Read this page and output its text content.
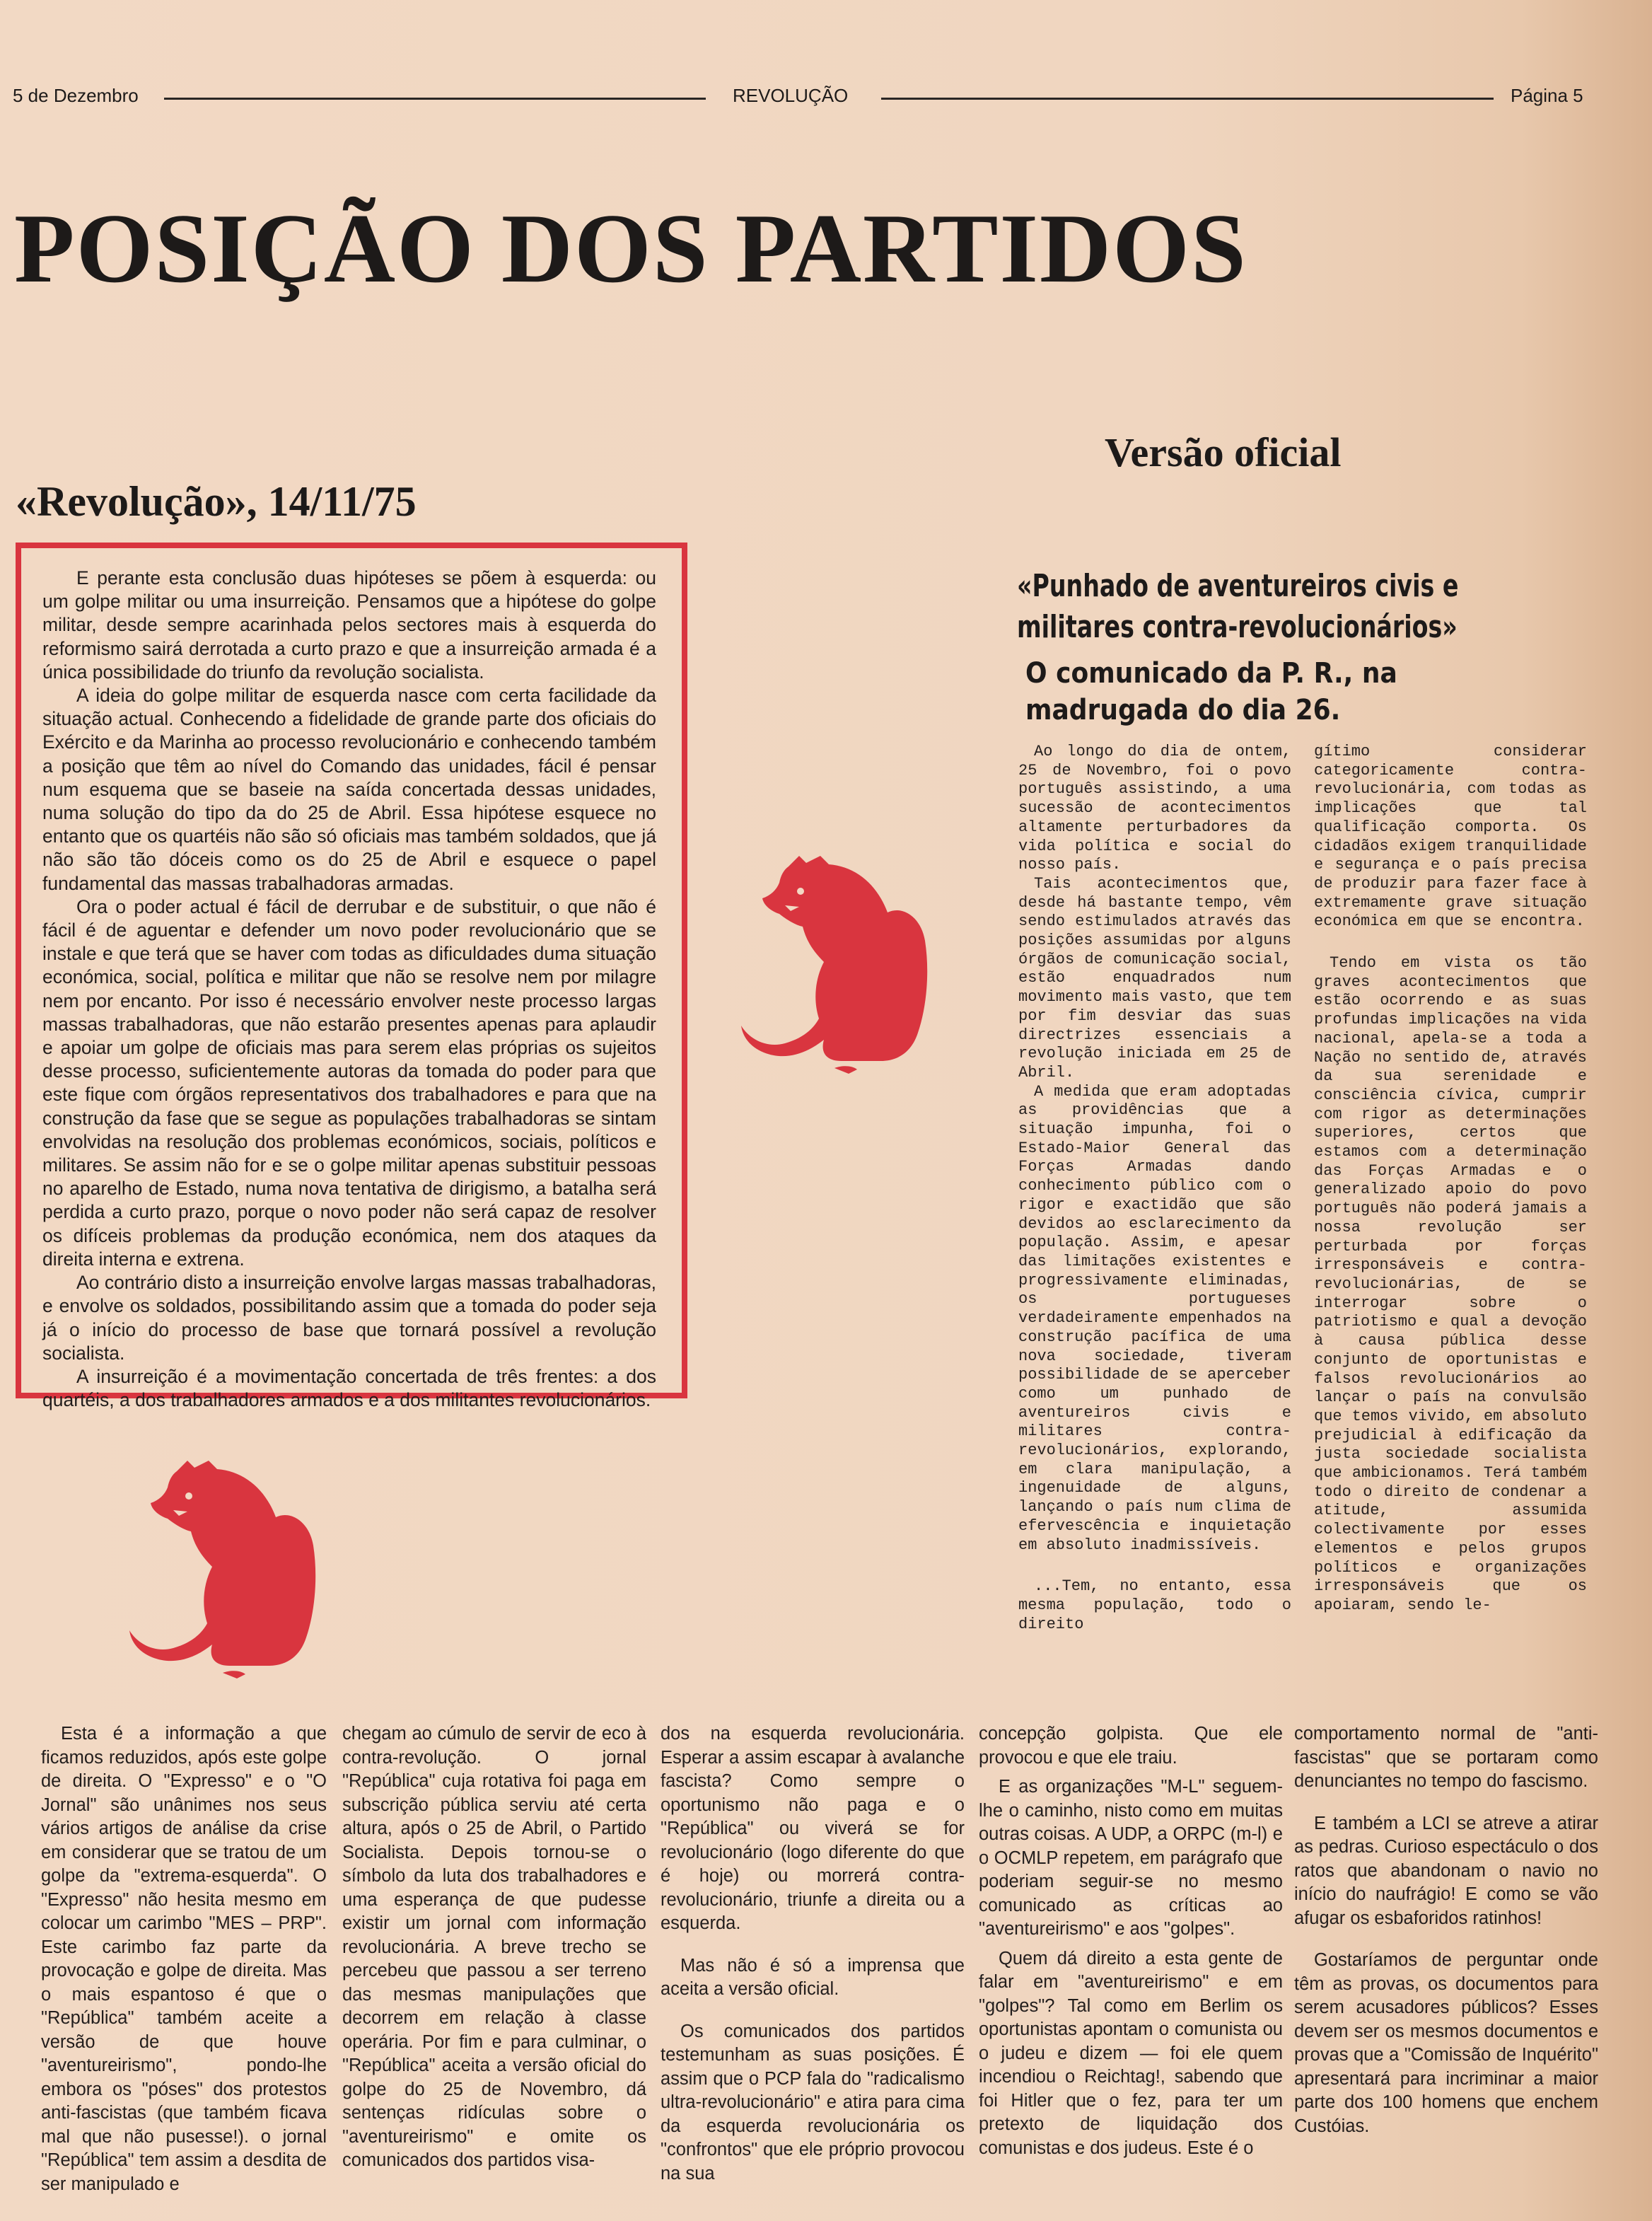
5 de Dezembro	REVOLUÇÃO	Página 5
POSIÇÃO DOS PARTIDOS
Versão oficial
«Revolução», 14/11/75

E perante esta conclusão duas hipóteses se põem à esquerda: ou um golpe militar ou uma insurreição. Pensamos que a hipótese do golpe militar, desde sempre acarinhada pelos sectores mais à esquerda do reformismo sairá derrotada a curto prazo e que a insurreição armada é a única possibilidade do triunfo da revolução socialista.

A ideia do golpe militar de esquerda nasce com certa facilidade da situação actual. Conhecendo a fidelidade de grande parte dos oficiais do Exército e da Marinha ao processo revolucionário e conhecendo também a posição que têm ao nível do Comando das unidades, fácil é pensar num esquema que se baseie na saída concertada dessas unidades, numa solução do tipo da do 25 de Abril. Essa hipótese esquece no entanto que os quartéis não são só oficiais mas também soldados, que já não são tão dóceis como os do 25 de Abril e esquece o papel fundamental das massas trabalhadoras armadas.

Ora o poder actual é fácil de derrubar e de substituir, o que não é fácil é de aguentar e defender um novo poder revolucionário que se instale e que terá que se haver com todas as dificuldades duma situação económica, social, política e militar que não se resolve nem por milagre nem por encanto. Por isso é necessário envolver neste processo largas massas trabalhadoras, que não estarão presentes apenas para aplaudir e apoiar um golpe de oficiais mas para serem elas próprias os sujeitos desse processo, suficientemente autoras da tomada do poder para que este fique com órgãos representativos dos trabalhadores e para que na construção da fase que se segue as populações trabalhadoras se sintam envolvidas na resolução dos problemas económicos, sociais, políticos e militares. Se assim não for e se o golpe militar apenas substituir pessoas no aparelho de Estado, numa nova tentativa de dirigismo, a batalha será perdida a curto prazo, porque o novo poder não será capaz de resolver os difíceis problemas da produção económica, nem dos ataques da direita interna e extrena.

Ao contrário disto a insurreição envolve largas massas trabalhadoras, e envolve os soldados, possibilitando assim que a tomada do poder seja já o início do processo de base que tornará possível a revolução socialista.

A insurreição é a movimentação concertada de três frentes: a dos quartéis, a dos trabalhadores armados e a dos militantes revolucionários.

«Punhado de aventureiros civis e militares contra-revolucionários»
O comunicado da P. R., na madrugada do dia 26.

Ao longo do dia de ontem, 25 de Novembro, foi o povo português assistindo, a uma sucessão de acontecimentos altamente perturbadores da vida política e social do nosso país.

Tais acontecimentos que, desde há bastante tempo, vêm sendo estimulados através das posições assumidas por alguns órgãos de comunicação social, estão enquadrados num movimento mais vasto, que tem por fim desviar das suas directrizes essenciais a revolução iniciada em 25 de Abril.

A medida que eram adoptadas as providências que a situação impunha, foi o Estado-Maior General das Forças Armadas dando conhecimento público com o rigor e exactidão que são devidos ao esclarecimento da população. Assim, e apesar das limitações existentes e progressivamente eliminadas, os portugueses verdadeiramente empenhados na construção pacífica de uma nova sociedade, tiveram possibilidade de se aperceber como um punhado de aventureiros civis e militares contra-revolucionários, explorando, em clara manipulação, a ingenuidade de alguns, lançando o país num clima de efervescência e inquietação em absoluto inadmissíveis.

...Tem, no entanto, essa mesma população, todo o direito

gítimo considerar categoricamente contra-revolucionária, com todas as implicações que tal qualificação comporta. Os cidadãos exigem tranquilidade e segurança e o país precisa de produzir para fazer face à extremamente grave situação económica em que se encontra.

Tendo em vista os tão graves acontecimentos que estão ocorrendo e as suas profundas implicações na vida nacional, apela-se a toda a Nação no sentido de, através da sua serenidade e consciência cívica, cumprir com rigor as determinações superiores, certos que estamos com a determinação das Forças Armadas e o generalizado apoio do povo português não poderá jamais a nossa revolução ser perturbada por forças irresponsáveis e contra-revolucionárias, de se interrogar sobre o patriotismo e qual a devoção à causa pública desse conjunto de oportunistas e falsos revolucionários ao lançar o país na convulsão que temos vivido, em absoluto prejudicial à edificação da justa sociedade socialista que ambicionamos. Terá também todo o direito de condenar a atitude, assumida colectivamente por esses elementos e pelos grupos políticos e organizações irresponsáveis que os apoiaram, sendo le-

Esta é a informação a que ficamos reduzidos, após este golpe de direita. O "Expresso" e o "O Jornal" são unânimes nos seus vários artigos de análise da crise em considerar que se tratou de um golpe da "extrema-esquerda". O "Expresso" não hesita mesmo em colocar um carimbo "MES – PRP". Este carimbo faz parte da provocação e golpe de direita. Mas o mais espantoso é que o "República" também aceite a versão de que houve "aventureirismo", pondo-lhe embora os "póses" dos protestos anti-fascistas (que também ficava mal que não pusesse!). o jornal "República" tem assim a desdita de ser manipulado e

chegam ao cúmulo de servir de eco à contra-revolução. O jornal "República" cuja rotativa foi paga em subscrição pública serviu até certa altura, após o 25 de Abril, o Partido Socialista. Depois tornou-se o símbolo da luta dos trabalhadores e uma esperança de que pudesse existir um jornal com informação revolucionária. A breve trecho se percebeu que passou a ser terreno das mesmas manipulações que decorrem em relação à classe operária. Por fim e para culminar, o "República" aceita a versão oficial do golpe do 25 de Novembro, dá sentenças ridículas sobre o "aventureirismo" e omite os comunicados dos partidos visa-

dos na esquerda revolucionária. Esperar a assim escapar à avalanche fascista? Como sempre o oportunismo não paga e o "República" ou viverá se for revolucionário (logo diferente do que é hoje) ou morrerá contra-revolucionário, triunfe a direita ou a esquerda.

Mas não é só a imprensa que aceita a versão oficial.

Os comunicados dos partidos testemunham as suas posições. É assim que o PCP fala do "radicalismo ultra-revolucionário" e atira para cima da esquerda revolucionária os "confrontos" que ele próprio provocou na sua

concepção golpista. Que ele provocou e que ele traiu.

E as organizações "M-L" seguem-lhe o caminho, nisto como em muitas outras coisas. A UDP, a ORPC (m-l) e o OCMLP repetem, em parágrafo que poderiam seguir-se no mesmo comunicado as críticas ao "aventureirismo" e aos "golpes".

Quem dá direito a esta gente de falar em "aventureirismo" e em "golpes"? Tal como em Berlim os oportunistas apontam o comunista ou o judeu e dizem — foi ele quem incendiou o Reichtag!, sabendo que foi Hitler que o fez, para ter um pretexto de liquidação dos comunistas e dos judeus. Este é o

comportamento normal de "anti-fascistas" que se portaram como denunciantes no tempo do fascismo.

E também a LCI se atreve a atirar as pedras. Curioso espectáculo o dos ratos que abandonam o navio no início do naufrágio! E como se vão afugar os esbaforidos ratinhos!

Gostaríamos de perguntar onde têm as provas, os documentos para serem acusadores públicos? Esses devem ser os mesmos documentos e provas que a "Comissão de Inquérito" apresentará para incriminar a maior parte dos 100 homens que enchem Custóias.
